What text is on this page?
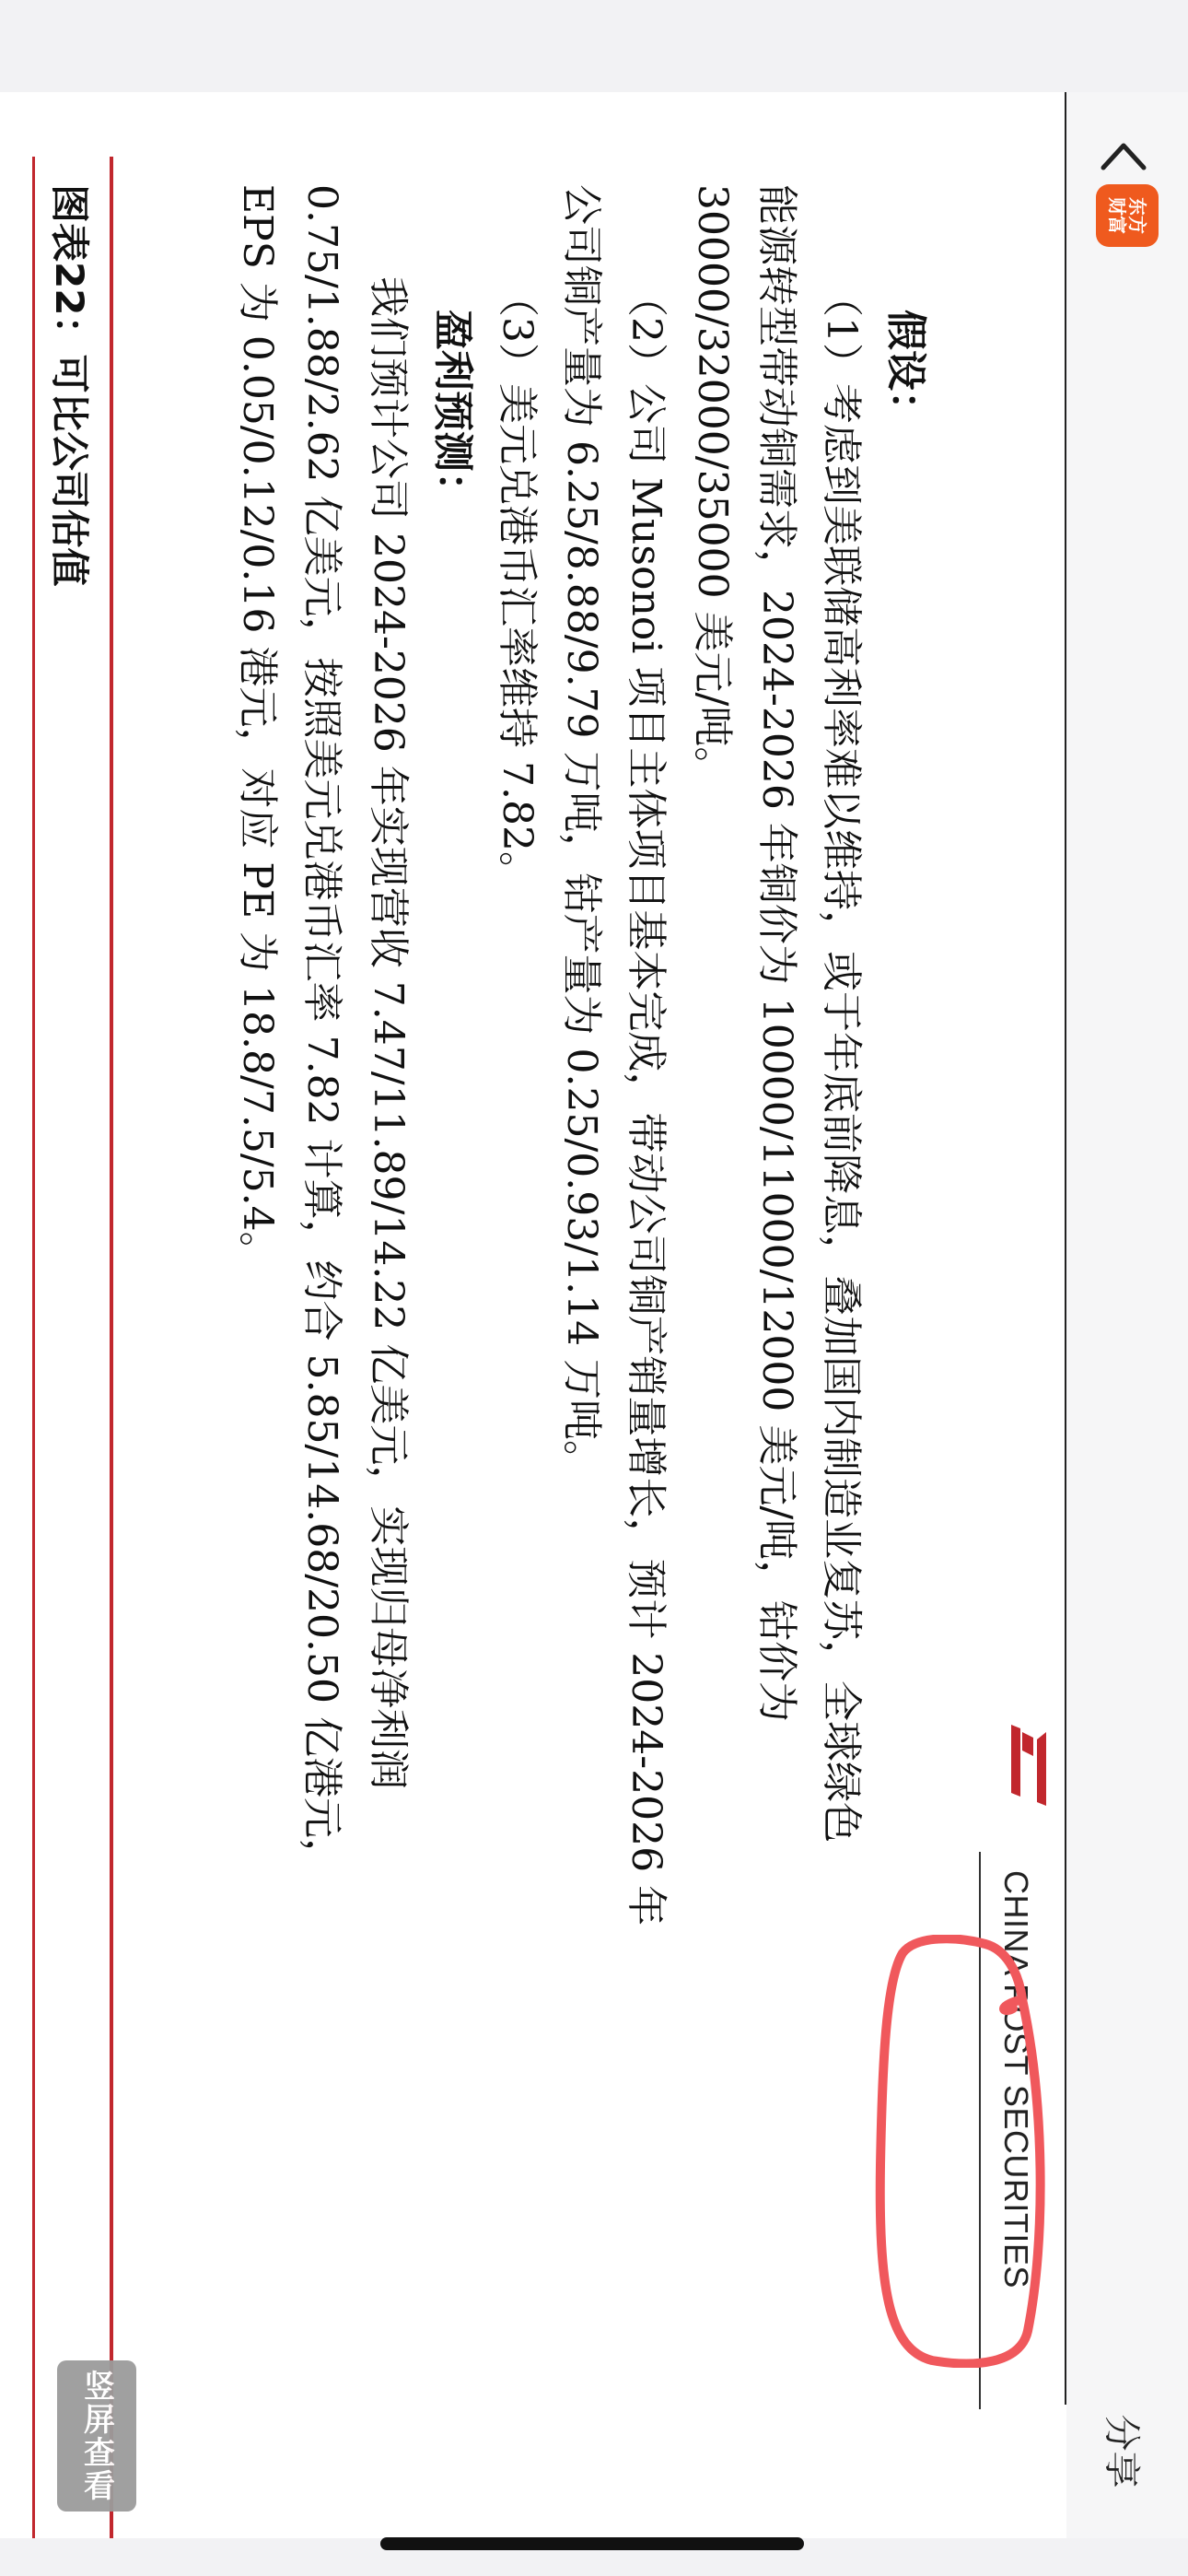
CHINA POST SECURITIES
假设：
（1）考虑到美联储高利率难以维持，或于年底前降息，叠加国内制造业复苏，全球绿色
能源转型带动铜需求，2024-2026 年铜价为 10000/11000/12000 美元/吨，钴价为
30000/32000/35000 美元/吨。
（2）公司 Musonoi 项目主体项目基本完成，带动公司铜产销量增长，预计 2024-2026 年
公司铜产量为 6.25/8.88/9.79 万吨，钴产量为 0.25/0.93/1.14 万吨。
（3）美元兑港币汇率维持 7.82。
盈利预测：
我们预计公司 2024-2026 年实现营收 7.47/11.89/14.22 亿美元，实现归母净利润
0.75/1.88/2.62 亿美元，按照美元兑港币汇率 7.82 计算，约合 5.85/14.68/20.50 亿港元，
EPS 为 0.05/0.12/0.16 港元，对应 PE 为 18.8/7.5/5.4。
图表22：可比公司估值	东方财富
分享
竖屏查看
